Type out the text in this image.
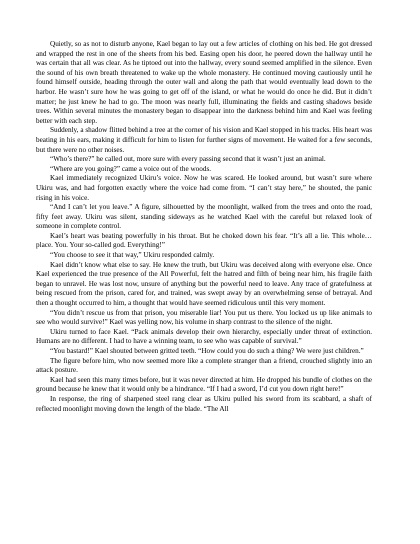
Quietly, so as not to disturb anyone, Kael began to lay out a few articles of clothing on his bed. He got dressed and wrapped the rest in one of the sheets from his bed. Easing open his door, he peered down the hallway until he was certain that all was clear. As he tiptoed out into the hallway, every sound seemed amplified in the silence. Even the sound of his own breath threatened to wake up the whole monastery. He continued moving cautiously until he found himself outside, heading through the outer wall and along the path that would eventually lead down to the harbor. He wasn’t sure how he was going to get off of the island, or what he would do once he did. But it didn’t matter; he just knew he had to go. The moon was nearly full, illuminating the fields and casting shadows beside trees. Within several minutes the monastery began to disappear into the darkness behind him and Kael was feeling better with each step.

Suddenly, a shadow flitted behind a tree at the corner of his vision and Kael stopped in his tracks. His heart was beating in his ears, making it difficult for him to listen for further signs of movement. He waited for a few seconds, but there were no other noises.

“Who’s there?” he called out, more sure with every passing second that it wasn’t just an animal.

“Where are you going?” came a voice out of the woods.

Kael immediately recognized Ukiru’s voice. Now he was scared. He looked around, but wasn’t sure where Ukiru was, and had forgotten exactly where the voice had come from. “I can’t stay here,” he shouted, the panic rising in his voice.

“And I can’t let you leave.” A figure, silhouetted by the moonlight, walked from the trees and onto the road, fifty feet away. Ukiru was silent, standing sideways as he watched Kael with the careful but relaxed look of someone in complete control.

Kael’s heart was beating powerfully in his throat. But he choked down his fear. “It’s all a lie. This whole…place. You. Your so-called god. Everything!”

“You choose to see it that way,” Ukiru responded calmly.

Kael didn’t know what else to say. He knew the truth, but Ukiru was deceived along with everyone else. Once Kael experienced the true presence of the All Powerful, felt the hatred and filth of being near him, his fragile faith began to unravel. He was lost now, unsure of anything but the powerful need to leave. Any trace of gratefulness at being rescued from the prison, cared for, and trained, was swept away by an overwhelming sense of betrayal. And then a thought occurred to him, a thought that would have seemed ridiculous until this very moment.

“You didn’t rescue us from that prison, you miserable liar! You put us there. You locked us up like animals to see who would survive!” Kael was yelling now, his volume in sharp contrast to the silence of the night.

Ukiru turned to face Kael. “Pack animals develop their own hierarchy, especially under threat of extinction. Humans are no different. I had to have a winning team, to see who was capable of survival.”

“You bastard!” Kael shouted between gritted teeth. “How could you do such a thing? We were just children.”

The figure before him, who now seemed more like a complete stranger than a friend, crouched slightly into an attack posture.

Kael had seen this many times before, but it was never directed at him. He dropped his bundle of clothes on the ground because he knew that it would only be a hindrance. “If I had a sword, I’d cut you down right here!”

In response, the ring of sharpened steel rang clear as Ukiru pulled his sword from its scabbard, a shaft of reflected moonlight moving down the length of the blade. “The All
